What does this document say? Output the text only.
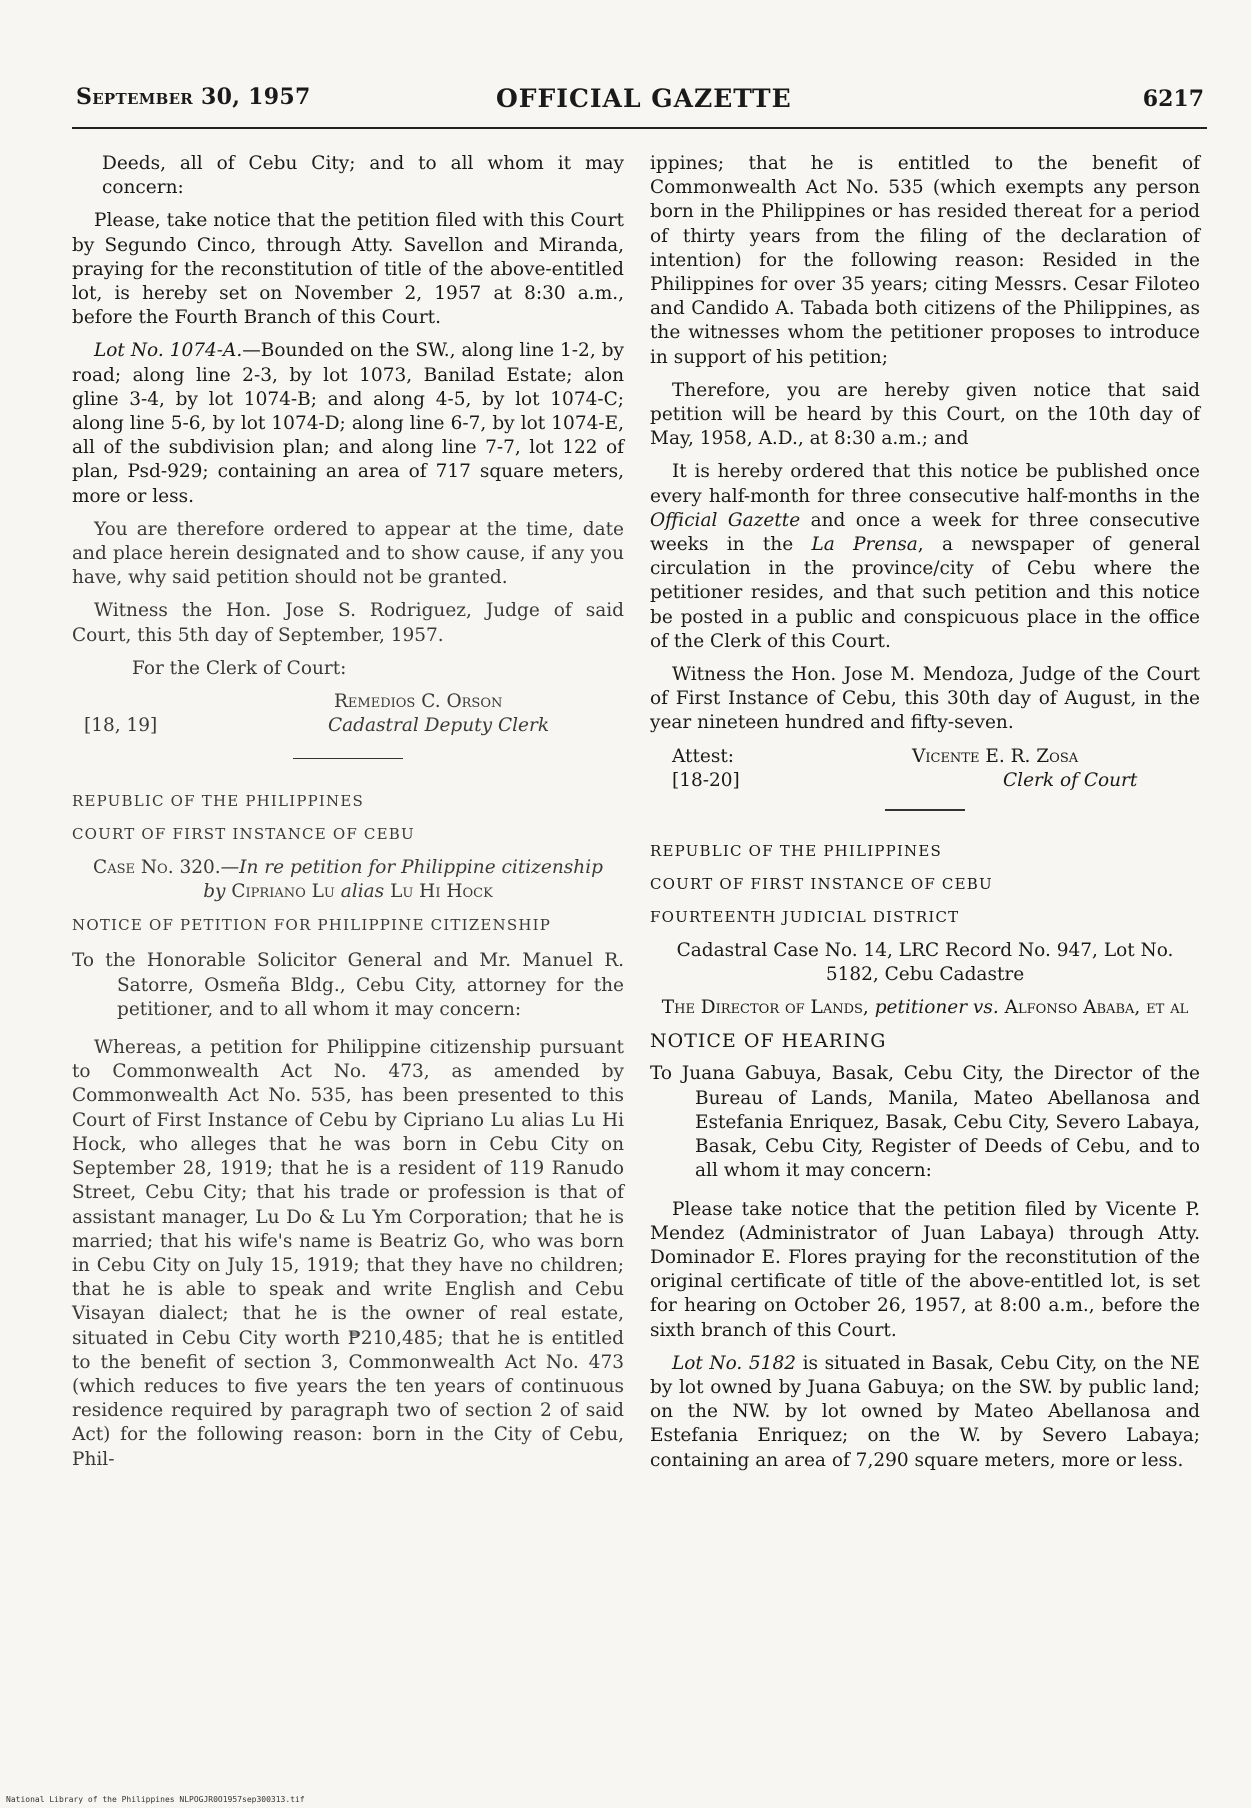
September 30, 1957	OFFICIAL GAZETTE	6217

Deeds, all of Cebu City; and to all whom it may concern:

Please, take notice that the petition filed with this Court by Segundo Cinco, through Atty. Savellon and Miranda, praying for the reconstitution of title of the above-entitled lot, is hereby set on November 2, 1957 at 8:30 a.m., before the Fourth Branch of this Court.

Lot No. 1074-A.—Bounded on the SW., along line 1-2, by road; along line 2-3, by lot 1073, Banilad Estate; alon gline 3-4, by lot 1074-B; and along 4-5, by lot 1074-C; along line 5-6, by lot 1074-D; along line 6-7, by lot 1074-E, all of the subdivision plan; and along line 7-7, lot 122 of plan, Psd-929; containing an area of 717 square meters, more or less.

You are therefore ordered to appear at the time, date and place herein designated and to show cause, if any you have, why said petition should not be granted.

Witness the Hon. Jose S. Rodriguez, Judge of said Court, this 5th day of September, 1957.

For the Clerk of Court:

[18, 19]
Remedios C. Orson
Cadastral Deputy Clerk

REPUBLIC OF THE PHILIPPINES

COURT OF FIRST INSTANCE OF CEBU

Case No. 320.—In re petition for Philippine citizenship by Cipriano Lu alias Lu Hi Hock

NOTICE OF PETITION FOR PHILIPPINE CITIZENSHIP

To the Honorable Solicitor General and Mr. Manuel R. Satorre, Osmeña Bldg., Cebu City, attorney for the petitioner, and to all whom it may concern:

Whereas, a petition for Philippine citizenship pursuant to Commonwealth Act No. 473, as amended by Commonwealth Act No. 535, has been presented to this Court of First Instance of Cebu by Cipriano Lu alias Lu Hi Hock, who alleges that he was born in Cebu City on September 28, 1919; that he is a resident of 119 Ranudo Street, Cebu City; that his trade or profession is that of assistant manager, Lu Do & Lu Ym Corporation; that he is married; that his wife's name is Beatriz Go, who was born in Cebu City on July 15, 1919; that they have no children; that he is able to speak and write English and Cebu Visayan dialect; that he is the owner of real estate, situated in Cebu City worth ₱210,485; that he is entitled to the benefit of section 3, Commonwealth Act No. 473 (which reduces to five years the ten years of continuous residence required by paragraph two of section 2 of said Act) for the following reason: born in the City of Cebu, Phil-

ippines; that he is entitled to the benefit of Commonwealth Act No. 535 (which exempts any person born in the Philippines or has resided thereat for a period of thirty years from the filing of the declaration of intention) for the following reason: Resided in the Philippines for over 35 years; citing Messrs. Cesar Filoteo and Candido A. Tabada both citizens of the Philippines, as the witnesses whom the petitioner proposes to introduce in support of his petition;

Therefore, you are hereby given notice that said petition will be heard by this Court, on the 10th day of May, 1958, A.D., at 8:30 a.m.; and

It is hereby ordered that this notice be published once every half-month for three consecutive half-months in the Official Gazette and once a week for three consecutive weeks in the La Prensa, a newspaper of general circulation in the province/city of Cebu where the petitioner resides, and that such petition and this notice be posted in a public and conspicuous place in the office of the Clerk of this Court.

Witness the Hon. Jose M. Mendoza, Judge of the Court of First Instance of Cebu, this 30th day of August, in the year nineteen hundred and fifty-seven.

Attest:
[18-20]
Vicente E. R. Zosa
Clerk of Court

REPUBLIC OF THE PHILIPPINES

COURT OF FIRST INSTANCE OF CEBU

FOURTEENTH JUDICIAL DISTRICT

Cadastral Case No. 14, LRC Record No. 947, Lot No. 5182, Cebu Cadastre

The Director of Lands, petitioner vs. Alfonso Ababa, et al

NOTICE OF HEARING

To Juana Gabuya, Basak, Cebu City, the Director of the Bureau of Lands, Manila, Mateo Abellanosa and Estefania Enriquez, Basak, Cebu City, Severo Labaya, Basak, Cebu City, Register of Deeds of Cebu, and to all whom it may concern:

Please take notice that the petition filed by Vicente P. Mendez (Administrator of Juan Labaya) through Atty. Dominador E. Flores praying for the reconstitution of the original certificate of title of the above-entitled lot, is set for hearing on October 26, 1957, at 8:00 a.m., before the sixth branch of this Court.

Lot No. 5182 is situated in Basak, Cebu City, on the NE by lot owned by Juana Gabuya; on the SW. by public land; on the NW. by lot owned by Mateo Abellanosa and Estefania Enriquez; on the W. by Severo Labaya; containing an area of 7,290 square meters, more or less.

National Library of the Philippines NLPOGJR0O1957sep300313.tif
